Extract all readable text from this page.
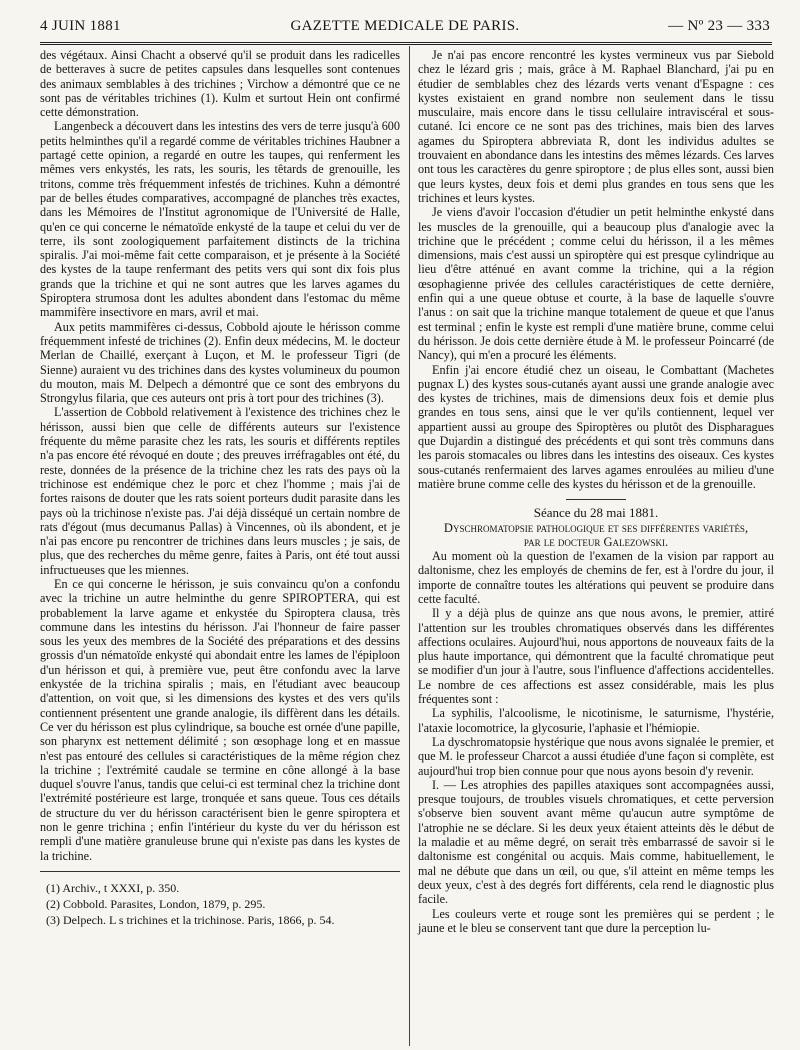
4 JUIN 1881	GAZETTE MEDICALE DE PARIS.	— Nº 23 — 333

des végétaux. Ainsi Chacht a observé qu'il se produit dans les radicelles de betteraves à sucre de petites capsules dans lesquelles sont contenues des animaux semblables à des trichines ; Virchow a démontré que ce ne sont pas de véritables trichines (1). Kulm et surtout Hein ont confirmé cette démonstration.

Langenbeck a découvert dans les intestins des vers de terre jusqu'à 600 petits helminthes qu'il a regardé comme de véritables trichines Haubner a partagé cette opinion, a regardé en outre les taupes, qui renferment les mêmes vers enkystés, les rats, les souris, les têtards de grenouille, les tritons, comme très fréquemment infestés de trichines. Kuhn a démontré par de belles études comparatives, accompagné de planches très exactes, dans les Mémoires de l'Institut agronomique de l'Université de Halle, qu'en ce qui concerne le nématoïde enkysté de la taupe et celui du ver de terre, ils sont zoologiquement parfaitement distincts de la trichina spiralis. J'ai moi-même fait cette comparaison, et je présente à la Société des kystes de la taupe renfermant des petits vers qui sont dix fois plus grands que la trichine et qui ne sont autres que les larves agames du Spiroptera strumosa dont les adultes abondent dans l'estomac du même mammifère insectivore en mars, avril et mai.

Aux petits mammifères ci-dessus, Cobbold ajoute le hérisson comme fréquemment infesté de trichines (2). Enfin deux médecins, M. le docteur Merlan de Chaillé, exerçant à Luçon, et M. le professeur Tigri (de Sienne) auraient vu des trichines dans des kystes volumineux du poumon du mouton, mais M. Delpech a démontré que ce sont des embryons du Strongylus filaria, que ces auteurs ont pris à tort pour des trichines (3).

L'assertion de Cobbold relativement à l'existence des trichines chez le hérisson, aussi bien que celle de différents auteurs sur l'existence fréquente du même parasite chez les rats, les souris et différents reptiles n'a pas encore été révoqué en doute ; des preuves irréfragables ont été, du reste, données de la présence de la trichine chez les rats des pays où la trichinose est endémique chez le porc et chez l'homme ; mais j'ai de fortes raisons de douter que les rats soient porteurs dudit parasite dans les pays où la trichinose n'existe pas. J'ai déjà disséqué un certain nombre de rats d'égout (mus decumanus Pallas) à Vincennes, où ils abondent, et je n'ai pas encore pu rencontrer de trichines dans leurs muscles ; je sais, de plus, que des recherches du même genre, faites à Paris, ont été tout aussi infructueuses que les miennes.

En ce qui concerne le hérisson, je suis convaincu qu'on a confondu avec la trichine un autre helminthe du genre SPIROPTERA, qui est probablement la larve agame et enkystée du Spiroptera clausa, très commune dans les intestins du hérisson. J'ai l'honneur de faire passer sous les yeux des membres de la Société des préparations et des dessins grossis d'un nématoïde enkysté qui abondait entre les lames de l'épiploon d'un hérisson et qui, à première vue, peut être confondu avec la larve enkystée de la trichina spiralis ; mais, en l'étudiant avec beaucoup d'attention, on voit que, si les dimensions des kystes et des vers qu'ils contiennent présentent une grande analogie, ils diffèrent dans les détails. Ce ver du hérisson est plus cylindrique, sa bouche est ornée d'une papille, son pharynx est nettement délimité ; son œsophage long et en massue n'est pas entouré des cellules si caractéristiques de la même région chez la trichine ; l'extrémité caudale se termine en cône allongé à la base duquel s'ouvre l'anus, tandis que celui-ci est terminal chez la trichine dont l'extrémité postérieure est large, tronquée et sans queue. Tous ces détails de structure du ver du hérisson caractérisent bien le genre spiroptera et non le genre trichina ; enfin l'intérieur du kyste du ver du hérisson est rempli d'une matière granuleuse brune qui n'existe pas dans les kystes de la trichine.

(1) Archiv., t XXXI, p. 350.
(2) Cobbold. Parasites, London, 1879, p. 295.
(3) Delpech. L s trichines et la trichinose. Paris, 1866, p. 54.

Je n'ai pas encore rencontré les kystes vermineux vus par Siebold chez le lézard gris ; mais, grâce à M. Raphael Blanchard, j'ai pu en étudier de semblables chez des lézards verts venant d'Espagne : ces kystes existaient en grand nombre non seulement dans le tissu musculaire, mais encore dans le tissu cellulaire intraviscéral et sous-cutané. Ici encore ce ne sont pas des trichines, mais bien des larves agames du Spiroptera abbreviata R, dont les individus adultes se trouvaient en abondance dans les intestins des mêmes lézards. Ces larves ont tous les caractères du genre spiroptore ; de plus elles sont, aussi bien que leurs kystes, deux fois et demi plus grandes en tous sens que les trichines et leurs kystes.

Je viens d'avoir l'occasion d'étudier un petit helminthe enkysté dans les muscles de la grenouille, qui a beaucoup plus d'analogie avec la trichine que le précédent ; comme celui du hérisson, il a les mêmes dimensions, mais c'est aussi un spiroptère qui est presque cylindrique au lieu d'être atténué en avant comme la trichine, qui a la région œsophagienne privée des cellules caractéristiques de cette dernière, enfin qui a une queue obtuse et courte, à la base de laquelle s'ouvre l'anus : on sait que la trichine manque totalement de queue et que l'anus est terminal ; enfin le kyste est rempli d'une matière brune, comme celui du hérisson. Je dois cette dernière étude à M. le professeur Poincarré (de Nancy), qui m'en a procuré les éléments.

Enfin j'ai encore étudié chez un oiseau, le Combattant (Machetes pugnax L) des kystes sous-cutanés ayant aussi une grande analogie avec des kystes de trichines, mais de dimensions deux fois et demie plus grandes en tous sens, ainsi que le ver qu'ils contiennent, lequel ver appartient aussi au groupe des Spiroptères ou plutôt des Dispharagues que Dujardin a distingué des précédents et qui sont très communs dans les parois stomacales ou libres dans les intestins des oiseaux. Ces kystes sous-cutanés renfermaient des larves agames enroulées au milieu d'une matière brune comme celle des kystes du hérisson et de la grenouille.

Séance du 28 mai 1881.

Dyschromatopsie pathologique et ses différentes variétés,
par le docteur Galezowski.

Au moment où la question de l'examen de la vision par rapport au daltonisme, chez les employés de chemins de fer, est à l'ordre du jour, il importe de connaître toutes les altérations qui peuvent se produire dans cette faculté.

Il y a déjà plus de quinze ans que nous avons, le premier, attiré l'attention sur les troubles chromatiques observés dans les différentes affections oculaires. Aujourd'hui, nous apportons de nouveaux faits de la plus haute importance, qui démontrent que la faculté chromatique peut se modifier d'un jour à l'autre, sous l'influence d'affections accidentelles. Le nombre de ces affections est assez considérable, mais les plus fréquentes sont :

La syphilis, l'alcoolisme, le nicotinisme, le saturnisme, l'hystérie, l'ataxie locomotrice, la glycosurie, l'aphasie et l'hémiopie.

La dyschromatopsie hystérique que nous avons signalée le premier, et que M. le professeur Charcot a aussi étudiée d'une façon si complète, est aujourd'hui trop bien connue pour que nous ayons besoin d'y revenir.

I. — Les atrophies des papilles ataxiques sont accompagnées aussi, presque toujours, de troubles visuels chromatiques, et cette perversion s'observe bien souvent avant même qu'aucun autre symptôme de l'atrophie ne se déclare. Si les deux yeux étaient atteints dès le début de la maladie et au même degré, on serait très embarrassé de savoir si le daltonisme est congénital ou acquis. Mais comme, habituellement, le mal ne débute que dans un œil, ou que, s'il atteint en même temps les deux yeux, c'est à des degrés fort différents, cela rend le diagnostic plus facile.

Les couleurs verte et rouge sont les premières qui se perdent ; le jaune et le bleu se conservent tant que dure la perception lu-
